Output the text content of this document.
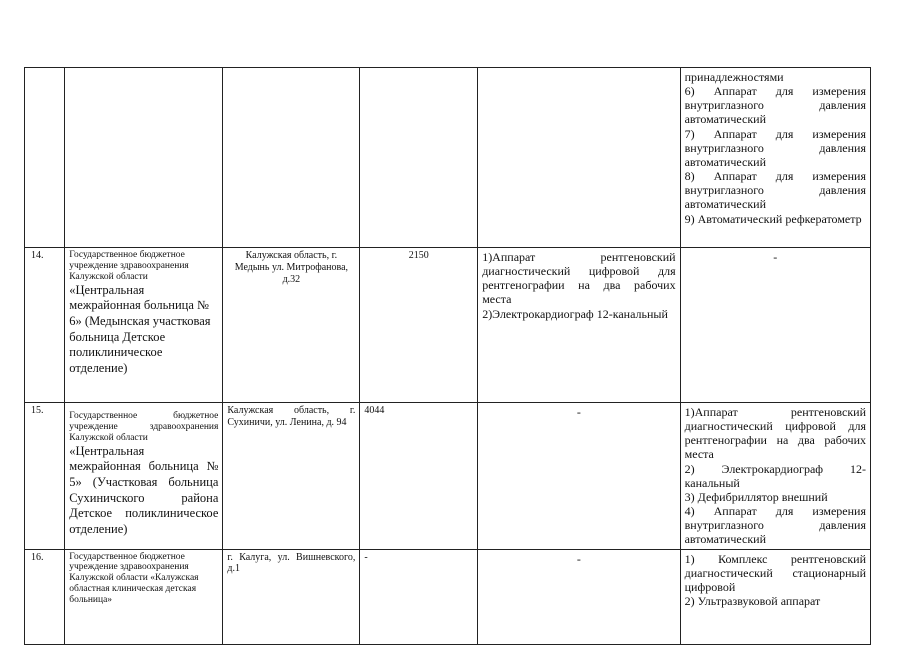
					принадлежностями
6) Аппарат для измерения внутриглазного давления автоматический
7) Аппарат для измерения внутриглазного давления автоматический
8) Аппарат для измерения внутриглазного давления автоматический
9) Автоматический рефкератометр

14.	Государственное бюджетное учреждение здравоохранения Калужской области
«Центральная межрайонная больница № 6» (Медынская участковая больница Детское поликлиническое отделение)	Калужская область, г. Медынь ул. Митрофанова, д.32	2150	1)Аппарат рентгеновский диагностический цифровой для рентгенографии на два рабочих места
2)Электрокардиограф 12-канальный	-

15.	Государственное бюджетное учреждение здравоохранения Калужской области
«Центральная межрайонная больница № 5» (Участковая больница Сухиничского района Детское поликлиническое отделение)	Калужская область, г. Сухиничи, ул. Ленина, д. 94	4044	-	1)Аппарат рентгеновский диагностический цифровой для рентгенографии на два рабочих места
2) Электрокардиограф 12-канальный
3) Дефибриллятор внешний
4) Аппарат для измерения внутриглазного давления автоматический

16.	Государственное бюджетное учреждение здравоохранения Калужской области «Калужская областная клиническая детская больница»	г. Калуга, ул. Вишневского, д.1	-	-	1) Комплекс рентгеновский диагностический стационарный цифровой
2) Ультразвуковой аппарат
